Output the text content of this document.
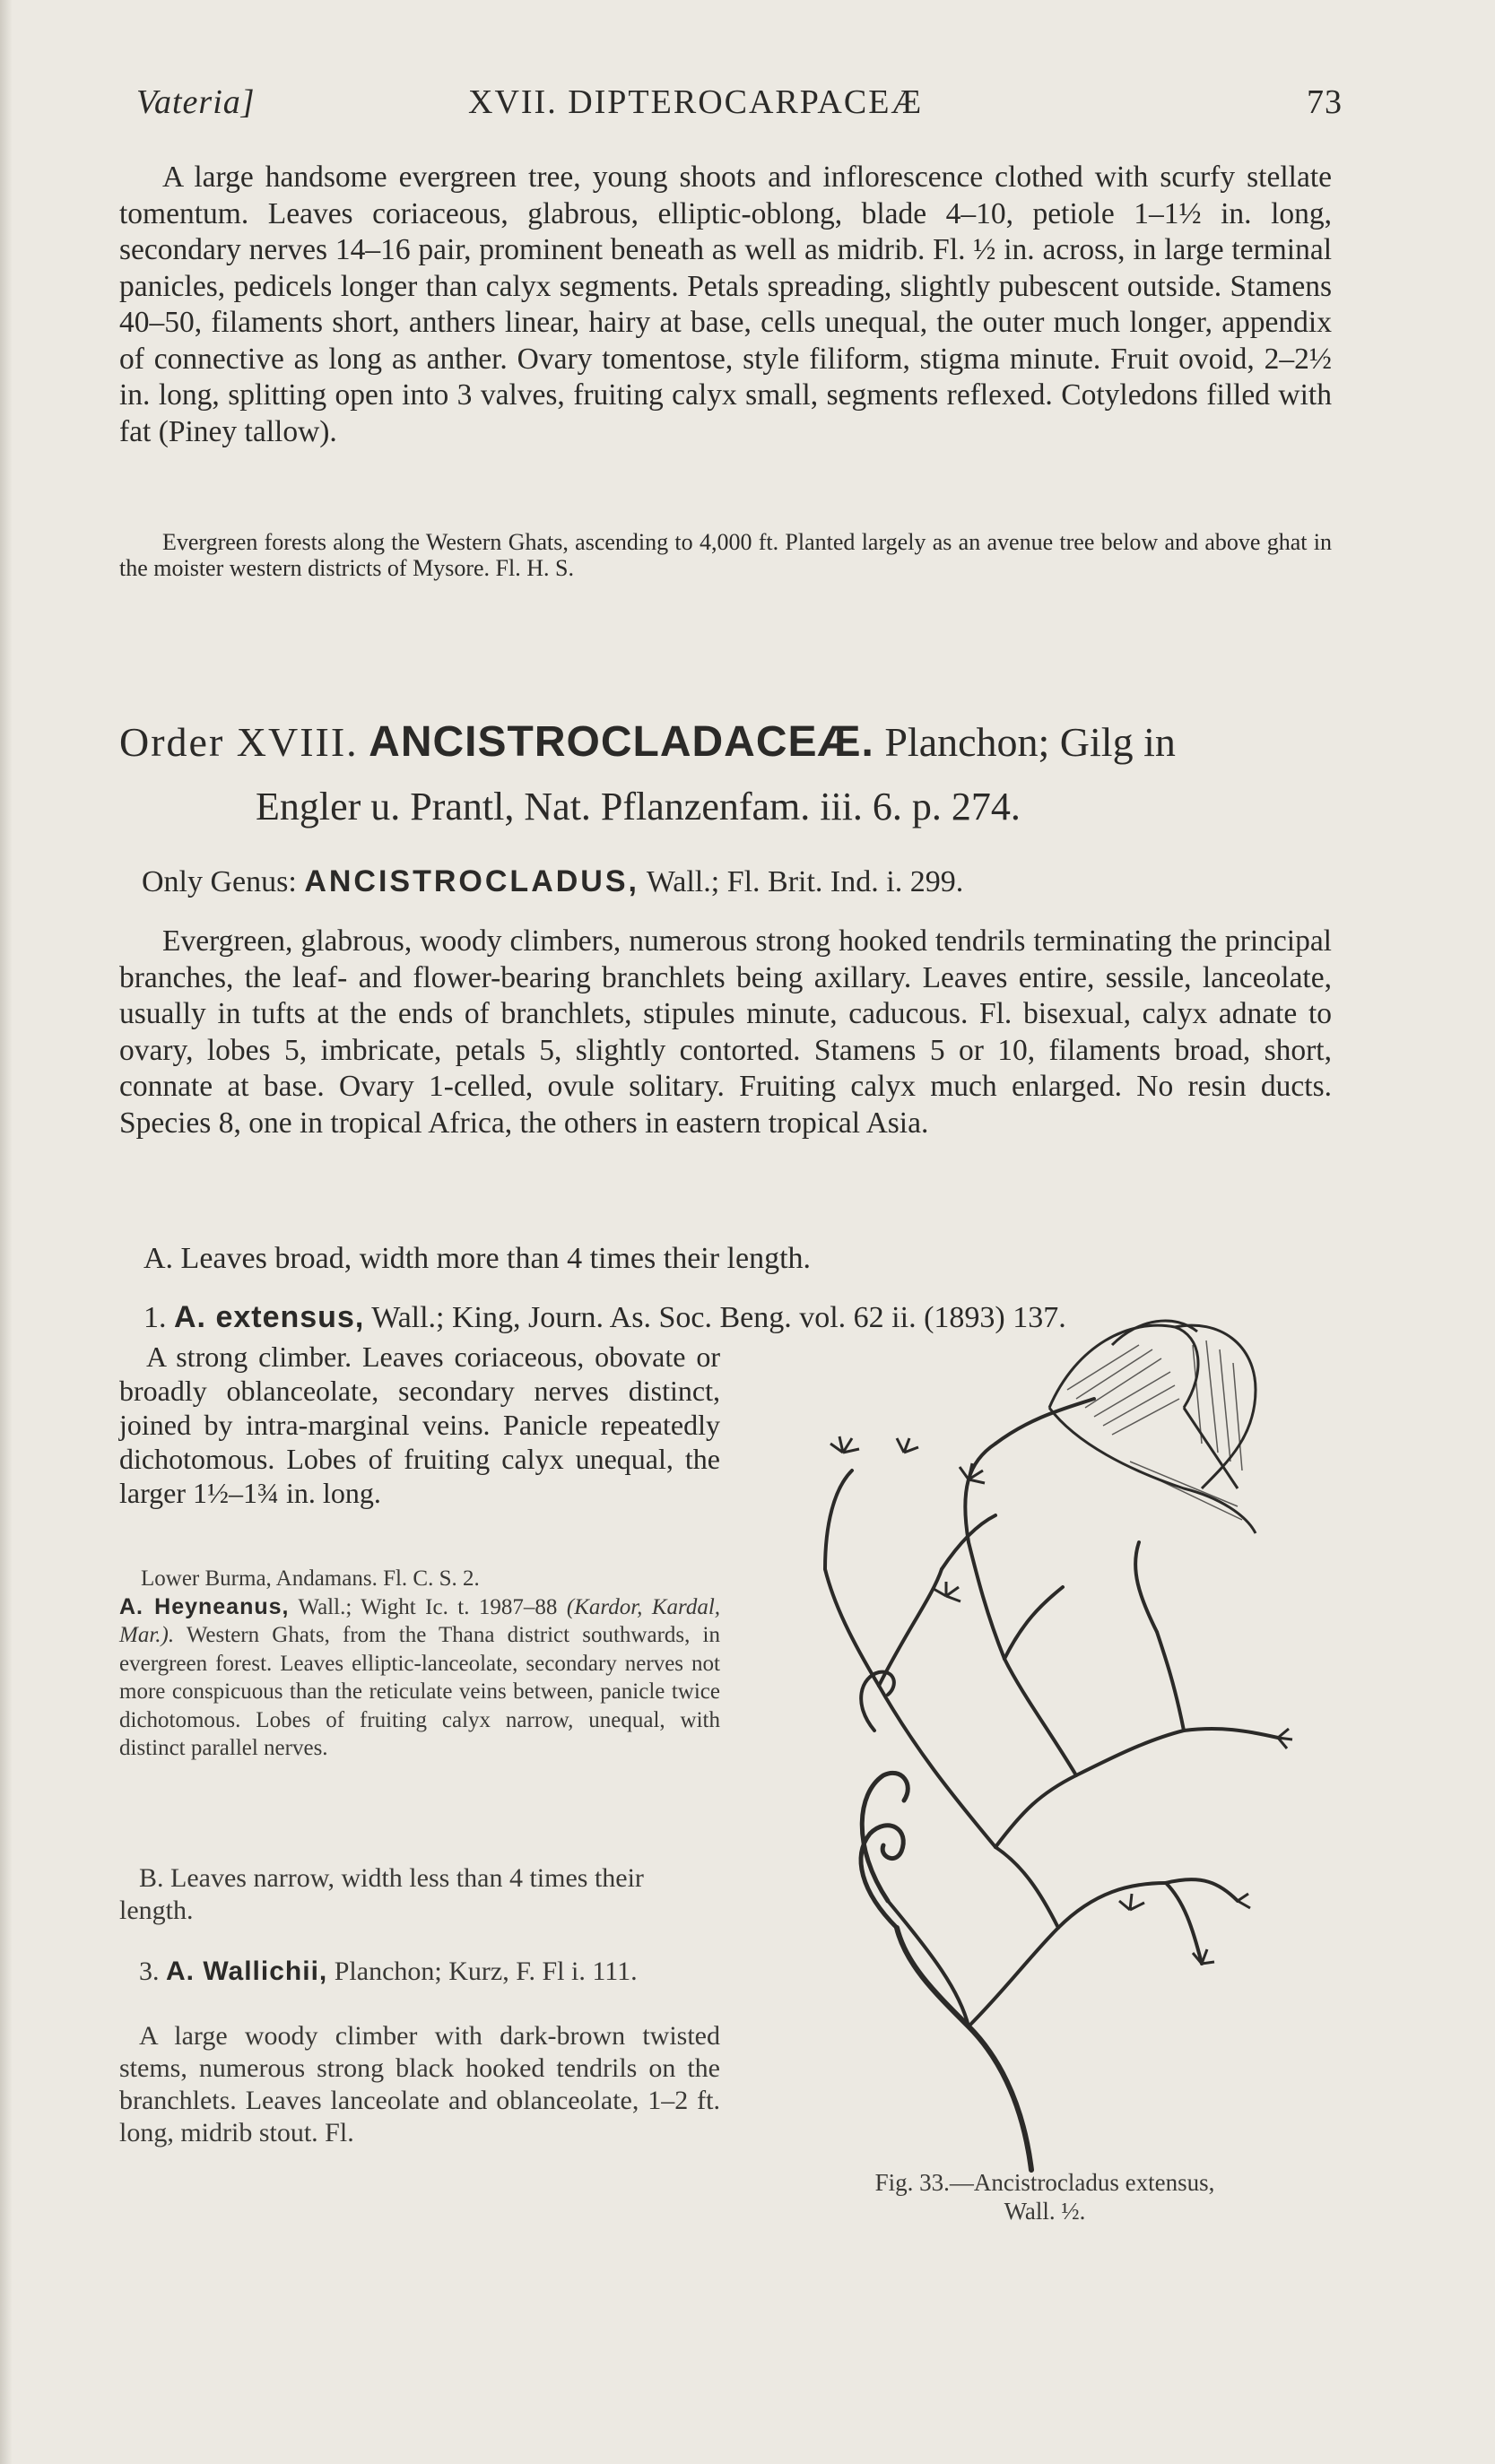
Vateria]	XVII. DIPTEROCARPACEÆ	73

A large handsome evergreen tree, young shoots and inflorescence clothed with scurfy stellate tomentum. Leaves coriaceous, glabrous, elliptic-oblong, blade 4–10, petiole 1–1½ in. long, secondary nerves 14–16 pair, prominent beneath as well as midrib. Fl. ½ in. across, in large terminal panicles, pedicels longer than calyx segments. Petals spreading, slightly pubescent outside. Stamens 40–50, filaments short, anthers linear, hairy at base, cells unequal, the outer much longer, appendix of connective as long as anther. Ovary tomentose, style filiform, stigma minute. Fruit ovoid, 2–2½ in. long, splitting open into 3 valves, fruiting calyx small, segments reflexed. Cotyledons filled with fat (Piney tallow).

Evergreen forests along the Western Ghats, ascending to 4,000 ft. Planted largely as an avenue tree below and above ghat in the moister western districts of Mysore. Fl. H. S.

Order XVIII. ANCISTROCLADACEÆ. Planchon; Gilg in
Engler u. Prantl, Nat. Pflanzenfam. iii. 6. p. 274.
Only Genus: ANCISTROCLADUS, Wall.; Fl. Brit. Ind. i. 299.

Evergreen, glabrous, woody climbers, numerous strong hooked tendrils terminating the principal branches, the leaf- and flower-bearing branchlets being axillary. Leaves entire, sessile, lanceolate, usually in tufts at the ends of branchlets, stipules minute, caducous. Fl. bisexual, calyx adnate to ovary, lobes 5, imbricate, petals 5, slightly contorted. Stamens 5 or 10, filaments broad, short, connate at base. Ovary 1-celled, ovule solitary. Fruiting calyx much enlarged. No resin ducts. Species 8, one in tropical Africa, the others in eastern tropical Asia.

A. Leaves broad, width more than 4 times their length.
1. A. extensus, Wall.; King, Journ. As. Soc. Beng. vol. 62 ii. (1893) 137.

A strong climber. Leaves coriaceous, obovate or broadly oblanceolate, secondary nerves distinct, joined by intra-marginal veins. Panicle repeatedly dichotomous. Lobes of fruiting calyx unequal, the larger 1½–1¾ in. long.

Lower Burma, Andamans. Fl. C. S. 2.
A. Heyneanus, Wall.; Wight Ic. t. 1987–88 (Kardor, Kardal, Mar.). Western Ghats, from the Thana district southwards, in evergreen forest. Leaves elliptic-lanceolate, secondary nerves not more conspicuous than the reticulate veins between, panicle twice dichotomous. Lobes of fruiting calyx narrow, unequal, with distinct parallel nerves.

B. Leaves narrow, width less than 4 times their length.

3. A. Wallichii, Planchon; Kurz, F. Fl i. 111.

A large woody climber with dark-brown twisted stems, numerous strong black hooked tendrils on the branchlets. Leaves lanceolate and oblanceolate, 1–2 ft. long, midrib stout. Fl.

Fig. 33.—Ancistrocladus extensus,
Wall. ½.
